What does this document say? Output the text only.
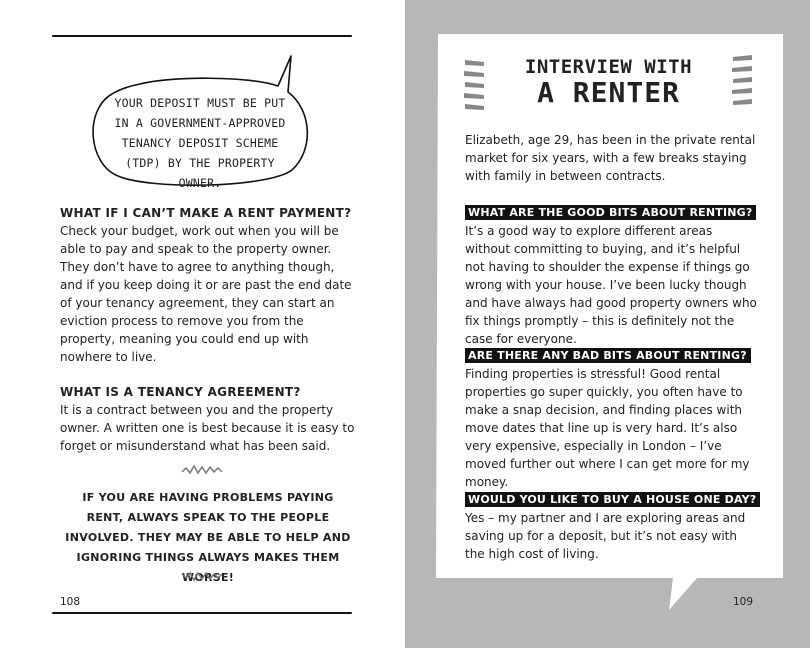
YOUR DEPOSIT MUST BE PUT IN A GOVERNMENT-APPROVED TENANCY DEPOSIT SCHEME (TDP) BY THE PROPERTY OWNER.
WHAT IF I CAN’T MAKE A RENT PAYMENT?
Check your budget, work out when you will be able to pay and speak to the property owner. They don’t have to agree to anything though, and if you keep doing it or are past the end date of your tenancy agreement, they can start an eviction process to remove you from the property, meaning you could end up with nowhere to live.
WHAT IS A TENANCY AGREEMENT?
It is a contract between you and the property owner. A written one is best because it is easy to forget or misunderstand what has been said.
IF YOU ARE HAVING PROBLEMS PAYING RENT, ALWAYS SPEAK TO THE PEOPLE INVOLVED. THEY MAY BE ABLE TO HELP AND IGNORING THINGS ALWAYS MAKES THEM WORSE!
108
INTERVIEW WITH
A RENTER
Elizabeth, age 29, has been in the private rental market for six years, with a few breaks staying with family in between contracts.
WHAT ARE THE GOOD BITS ABOUT RENTING?
It’s a good way to explore different areas without committing to buying, and it’s helpful not having to shoulder the expense if things go wrong with your house. I’ve been lucky though and have always had good property owners who fix things promptly – this is definitely not the case for everyone.
ARE THERE ANY BAD BITS ABOUT RENTING?
Finding properties is stressful! Good rental properties go super quickly, you often have to make a snap decision, and finding places with move dates that line up is very hard. It’s also very expensive, especially in London – I’ve moved further out where I can get more for my money.
WOULD YOU LIKE TO BUY A HOUSE ONE DAY?
Yes – my partner and I are exploring areas and saving up for a deposit, but it’s not easy with the high cost of living.
109
